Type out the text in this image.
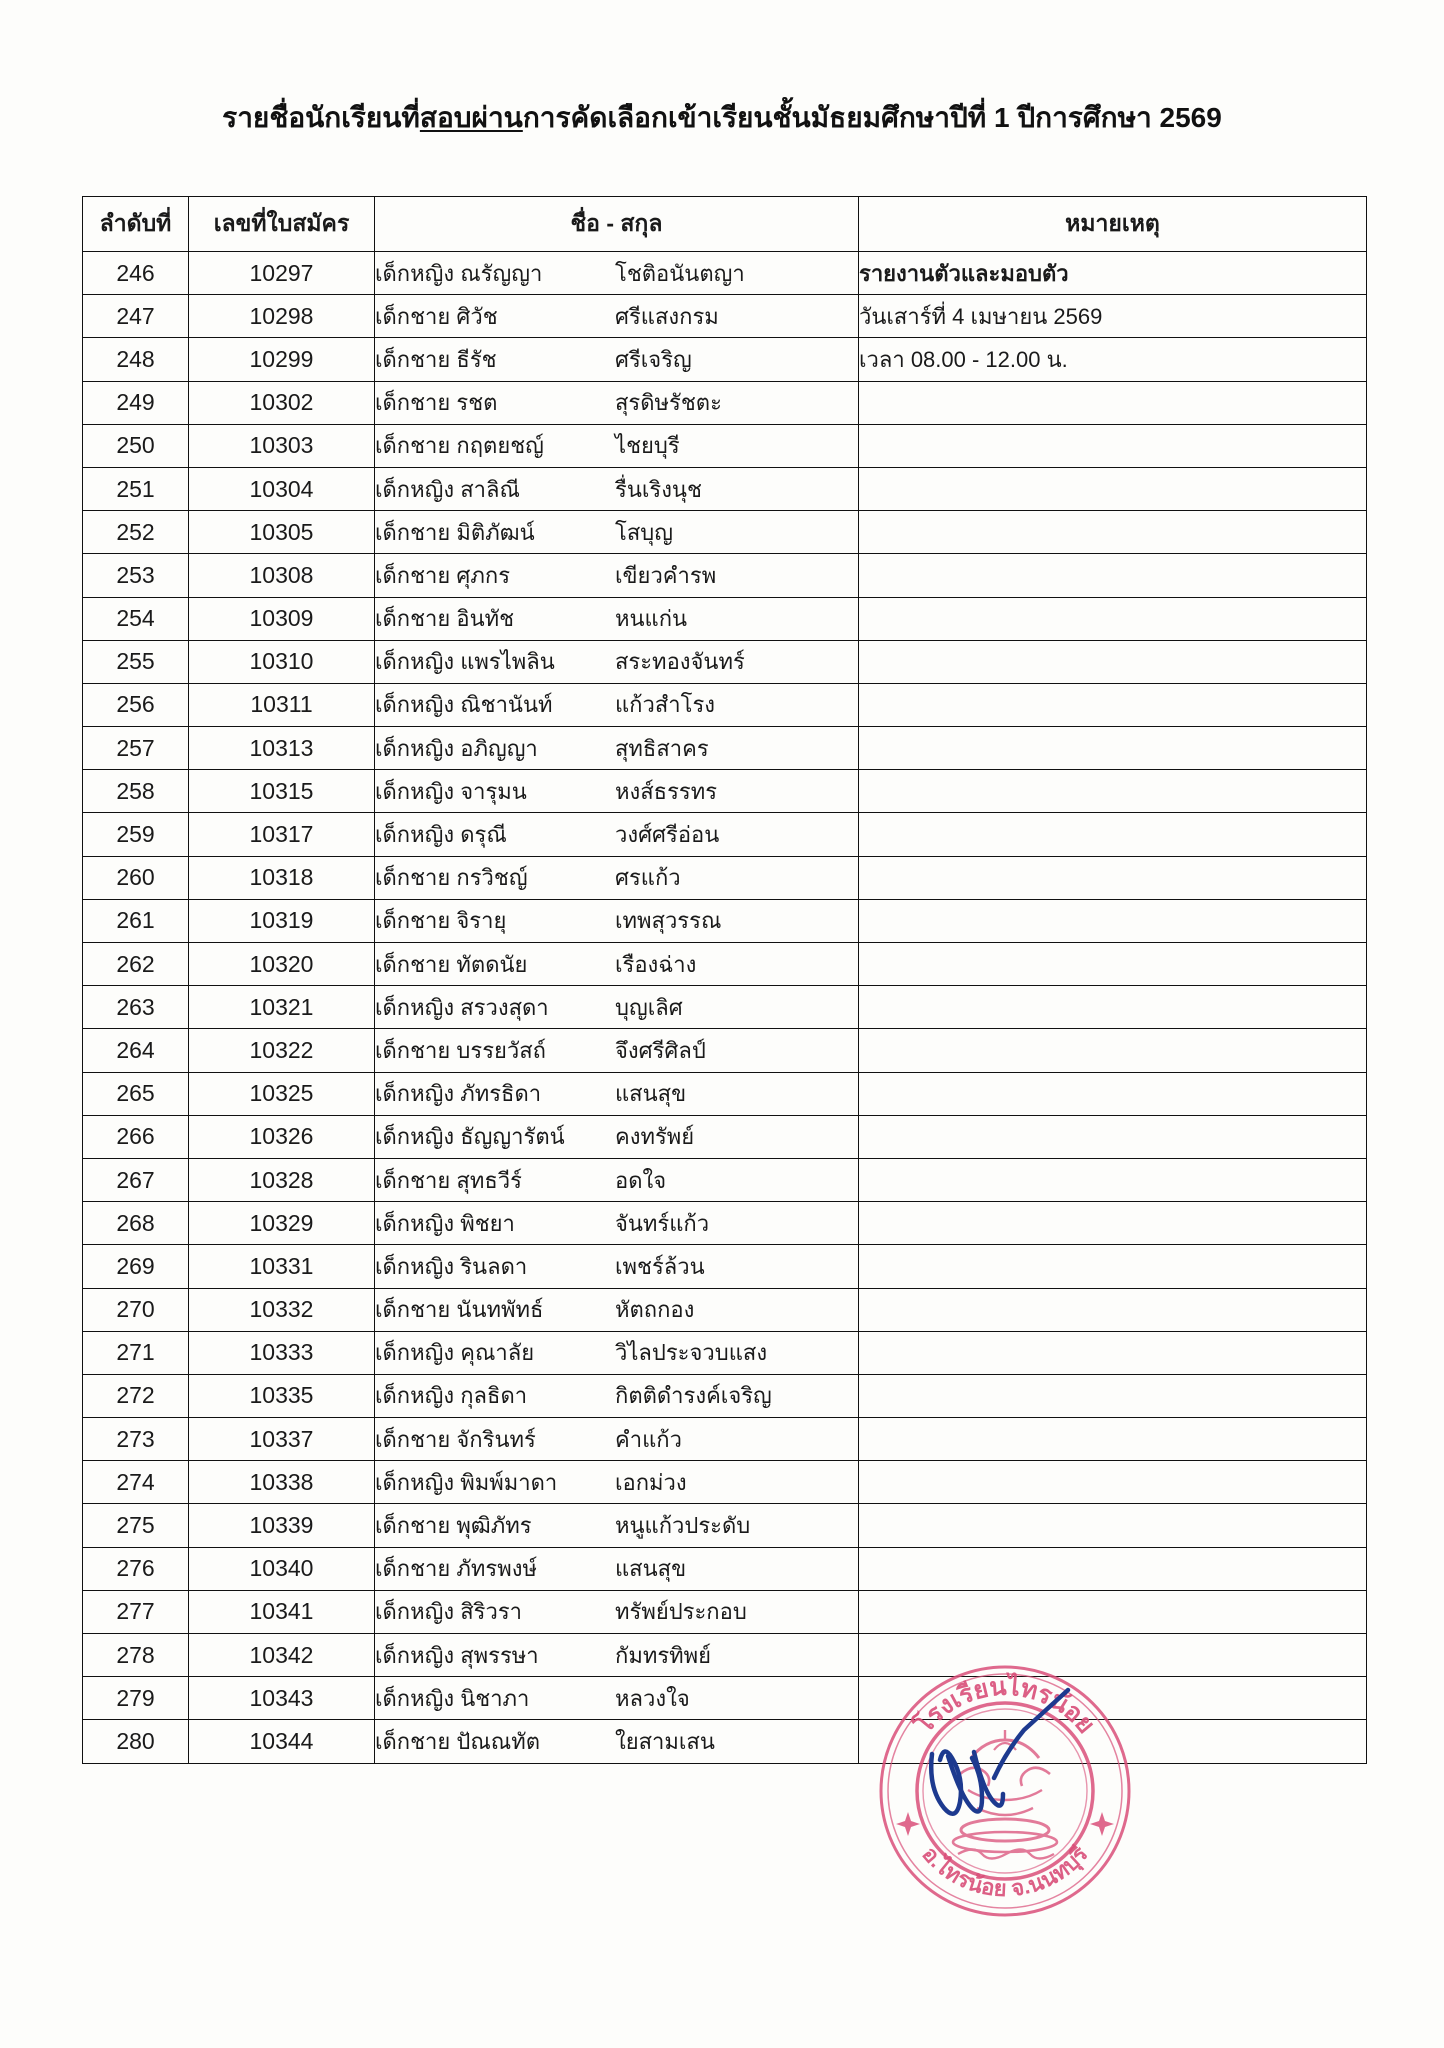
รายชื่อนักเรียนที่สอบผ่านการคัดเลือกเข้าเรียนชั้นมัธยมศึกษาปีที่ 1 ปีการศึกษา 2569
ลำดับที่	เลขที่ใบสมัคร	ชื่อ - สกุล	หมายเหตุ
246	10297	เด็กหญิง ณรัญญา โชติอนันตญา	รายงานตัวและมอบตัว
247	10298	เด็กชาย ศิวัช ศรีแสงกรม	วันเสาร์ที่ 4 เมษายน 2569
248	10299	เด็กชาย ธีรัช ศรีเจริญ	เวลา 08.00 - 12.00 น.
249	10302	เด็กชาย รชต สุรดิษรัชตะ	

250	10303	เด็กชาย กฤตยชญ์ ไชยบุรี	

251	10304	เด็กหญิง สาลิณี รื่นเริงนุช	

252	10305	เด็กชาย มิติภัฒน์ โสบุญ	

253	10308	เด็กชาย ศุภกร เขียวคำรพ	

254	10309	เด็กชาย อินทัช หนแก่น	

255	10310	เด็กหญิง แพรไพลิน สระทองจันทร์	

256	10311	เด็กหญิง ณิชานันท์ แก้วสำโรง	

257	10313	เด็กหญิง อภิญญา สุทธิสาคร	

258	10315	เด็กหญิง จารุมน หงส์ธรรทร	

259	10317	เด็กหญิง ดรุณี วงศ์ศรีอ่อน	

260	10318	เด็กชาย กรวิชญ์ ศรแก้ว	

261	10319	เด็กชาย จิรายุ เทพสุวรรณ	

262	10320	เด็กชาย ทัตดนัย เรืองฉ่าง	

263	10321	เด็กหญิง สรวงสุดา บุญเลิศ	

264	10322	เด็กชาย บรรยวัสถ์ จึงศรีศิลป์	

265	10325	เด็กหญิง ภัทรธิดา แสนสุข	

266	10326	เด็กหญิง ธัญญารัตน์ คงทรัพย์	

267	10328	เด็กชาย สุทธวีร์ อดใจ	

268	10329	เด็กหญิง พิชยา จันทร์แก้ว	

269	10331	เด็กหญิง รินลดา เพชร์ล้วน	

270	10332	เด็กชาย นันทพัทธ์ หัตถกอง	

271	10333	เด็กหญิง คุณาลัย วิไลประจวบแสง	

272	10335	เด็กหญิง กุลธิดา กิตติดำรงค์เจริญ	

273	10337	เด็กชาย จักรินทร์ คำแก้ว	

274	10338	เด็กหญิง พิมพ์มาดา เอกม่วง	

275	10339	เด็กชาย พุฒิภัทร หนูแก้วประดับ	

276	10340	เด็กชาย ภัทรพงษ์ แสนสุข	

277	10341	เด็กหญิง สิริวรา ทรัพย์ประกอบ	

278	10342	เด็กหญิง สุพรรษา กัมทรทิพย์	

279	10343	เด็กหญิง นิชาภา หลวงใจ	

280	10344	เด็กชาย ปัณณทัต ใยสามเสน	

โรงเรียนไทรน้อย
อ.ไทรน้อย จ.นนทบุรี
